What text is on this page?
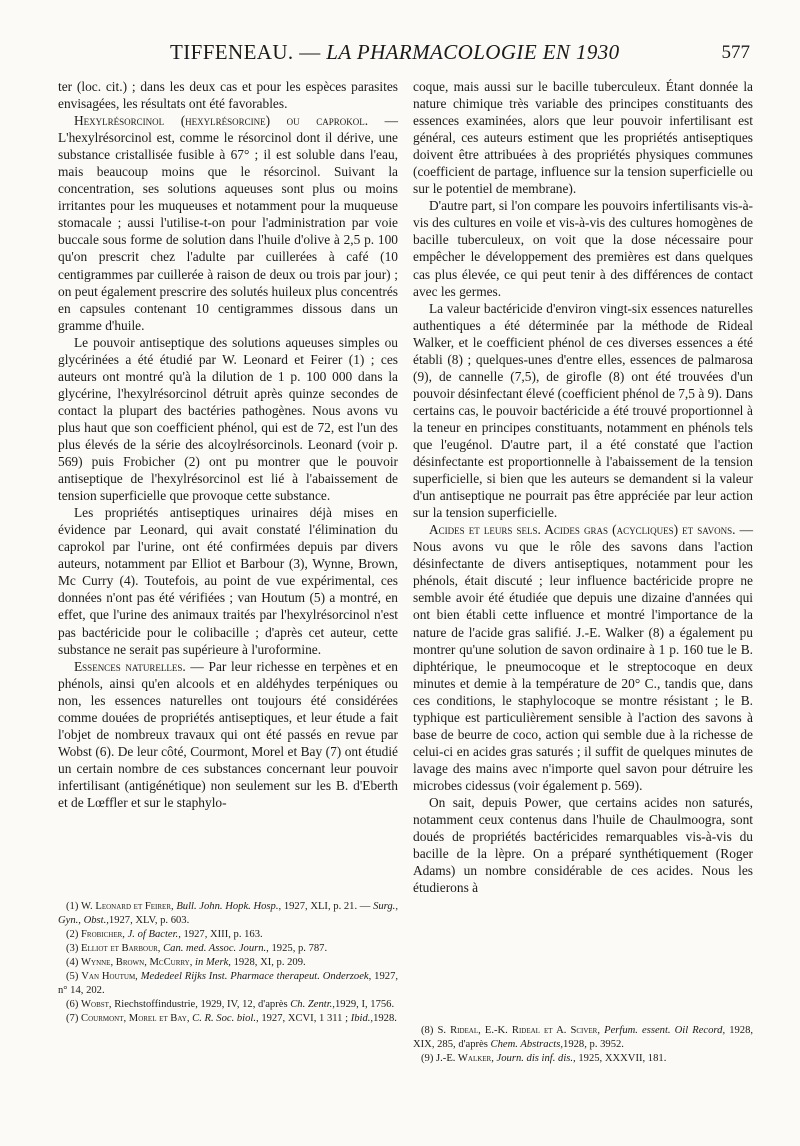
TIFFENEAU. — LA PHARMACOLOGIE EN 1930	577

ter (loc. cit.) ; dans les deux cas et pour les espèces parasites envisagées, les résultats ont été favorables.

Hexylrésorcinol (hexylrésorcine) ou caprokol. — L'hexylrésorcinol est, comme le résorcinol dont il dérive, une substance cristallisée fusible à 67° ; il est soluble dans l'eau, mais beaucoup moins que le résorcinol. Suivant la concentration, ses solutions aqueuses sont plus ou moins irritantes pour les muqueuses et notamment pour la muqueuse stomacale ; aussi l'utilise-t-on pour l'administration par voie buccale sous forme de solution dans l'huile d'olive à 2,5 p. 100 qu'on prescrit chez l'adulte par cuillerées à café (10 centigrammes par cuillerée à raison de deux ou trois par jour) ; on peut également prescrire des solutés huileux plus concentrés en capsules contenant 10 centigrammes dissous dans un gramme d'huile.

Le pouvoir antiseptique des solutions aqueuses simples ou glycérinées a été étudié par W. Leonard et Feirer (1) ; ces auteurs ont montré qu'à la dilution de 1 p. 100 000 dans la glycérine, l'hexylrésorcinol détruit après quinze secondes de contact la plupart des bactéries pathogènes. Nous avons vu plus haut que son coefficient phénol, qui est de 72, est l'un des plus élevés de la série des alcoylrésorcinols. Leonard (voir p. 569) puis Frobicher (2) ont pu montrer que le pouvoir antiseptique de l'hexylrésorcinol est lié à l'abaissement de tension superficielle que provoque cette substance.

Les propriétés antiseptiques urinaires déjà mises en évidence par Leonard, qui avait constaté l'élimination du caprokol par l'urine, ont été confirmées depuis par divers auteurs, notamment par Elliot et Barbour (3), Wynne, Brown, Mc Curry (4). Toutefois, au point de vue expérimental, ces données n'ont pas été vérifiées ; van Houtum (5) a montré, en effet, que l'urine des animaux traités par l'hexylrésorcinol n'est pas bactéricide pour le colibacille ; d'après cet auteur, cette substance ne serait pas supérieure à l'uroformine.

Essences naturelles. — Par leur richesse en terpènes et en phénols, ainsi qu'en alcools et en aldéhydes terpéniques ou non, les essences naturelles ont toujours été considérées comme douées de propriétés antiseptiques, et leur étude a fait l'objet de nombreux travaux qui ont été passés en revue par Wobst (6). De leur côté, Courmont, Morel et Bay (7) ont étudié un certain nombre de ces substances concernant leur pouvoir infertilisant (antigénétique) non seulement sur les B. d'Eberth et de Lœffler et sur le staphylo-

coque, mais aussi sur le bacille tuberculeux. Étant donnée la nature chimique très variable des principes constituants des essences examinées, alors que leur pouvoir infertilisant est général, ces auteurs estiment que les propriétés antiseptiques doivent être attribuées à des propriétés physiques communes (coefficient de partage, influence sur la tension superficielle ou sur le potentiel de membrane).

D'autre part, si l'on compare les pouvoirs infertilisants vis-à-vis des cultures en voile et vis-à-vis des cultures homogènes de bacille tuberculeux, on voit que la dose nécessaire pour empêcher le développement des premières est dans quelques cas plus élevée, ce qui peut tenir à des différences de contact avec les germes.

La valeur bactéricide d'environ vingt-six essences naturelles authentiques a été déterminée par la méthode de Rideal Walker, et le coefficient phénol de ces diverses essences a été établi (8) ; quelques-unes d'entre elles, essences de palmarosa (9), de cannelle (7,5), de girofle (8) ont été trouvées d'un pouvoir désinfectant élevé (coefficient phénol de 7,5 à 9). Dans certains cas, le pouvoir bactéricide a été trouvé proportionnel à la teneur en principes constituants, notamment en phénols tels que l'eugénol. D'autre part, il a été constaté que l'action désinfectante est proportionnelle à l'abaissement de la tension superficielle, si bien que les auteurs se demandent si la valeur d'un antiseptique ne pourrait pas être appréciée par leur action sur la tension superficielle.

Acides et leurs sels. Acides gras (acycliques) et savons. — Nous avons vu que le rôle des savons dans l'action désinfectante de divers antiseptiques, notamment pour les phénols, était discuté ; leur influence bactéricide propre ne semble avoir été étudiée que depuis une dizaine d'années qui ont bien établi cette influence et montré l'importance de la nature de l'acide gras salifié. J.-E. Walker (8) a également pu montrer qu'une solution de savon ordinaire à 1 p. 160 tue le B. diphtérique, le pneumocoque et le streptocoque en deux minutes et demie à la température de 20° C., tandis que, dans ces conditions, le staphylocoque se montre résistant ; le B. typhique est particulièrement sensible à l'action des savons à base de beurre de coco, action qui semble due à la richesse de celui-ci en acides gras saturés ; il suffit de quelques minutes de lavage des mains avec n'importe quel savon pour détruire les microbes cidessus (voir également p. 569).

On sait, depuis Power, que certains acides non saturés, notamment ceux contenus dans l'huile de Chaulmoogra, sont doués de propriétés bactéricides remarquables vis-à-vis du bacille de la lèpre. On a préparé synthétiquement (Roger Adams) un nombre considérable de ces acides. Nous les étudierons à

(1) W. Leonard et Feirer, Bull. John. Hopk. Hosp., 1927, XLI, p. 21. — Surg., Gyn., Obst.,1927, XLV, p. 603.

(2) Frobicher, J. of Bacter., 1927, XIII, p. 163.

(3) Elliot et Barbour, Can. med. Assoc. Journ., 1925, p. 787.

(4) Wynne, Brown, McCurry, in Merk, 1928, XI, p. 209.

(5) Van Houtum, Mededeel Rijks Inst. Pharmace therapeut. Onderzoek, 1927, n° 14, 202.

(6) Wobst, Riechstoffindustrie, 1929, IV, 12, d'après Ch. Zentr.,1929, I, 1756.

(7) Courmont, Morel et Bay, C. R. Soc. biol., 1927, XCVI, 1 311 ; Ibid.,1928.

(8) S. Rideal, E.-K. Rideal et A. Sciver, Perfum. essent. Oil Record, 1928, XIX, 285, d'après Chem. Abstracts,1928, p. 3952.

(9) J.-E. Walker, Journ. dis inf. dis., 1925, XXXVII, 181.
